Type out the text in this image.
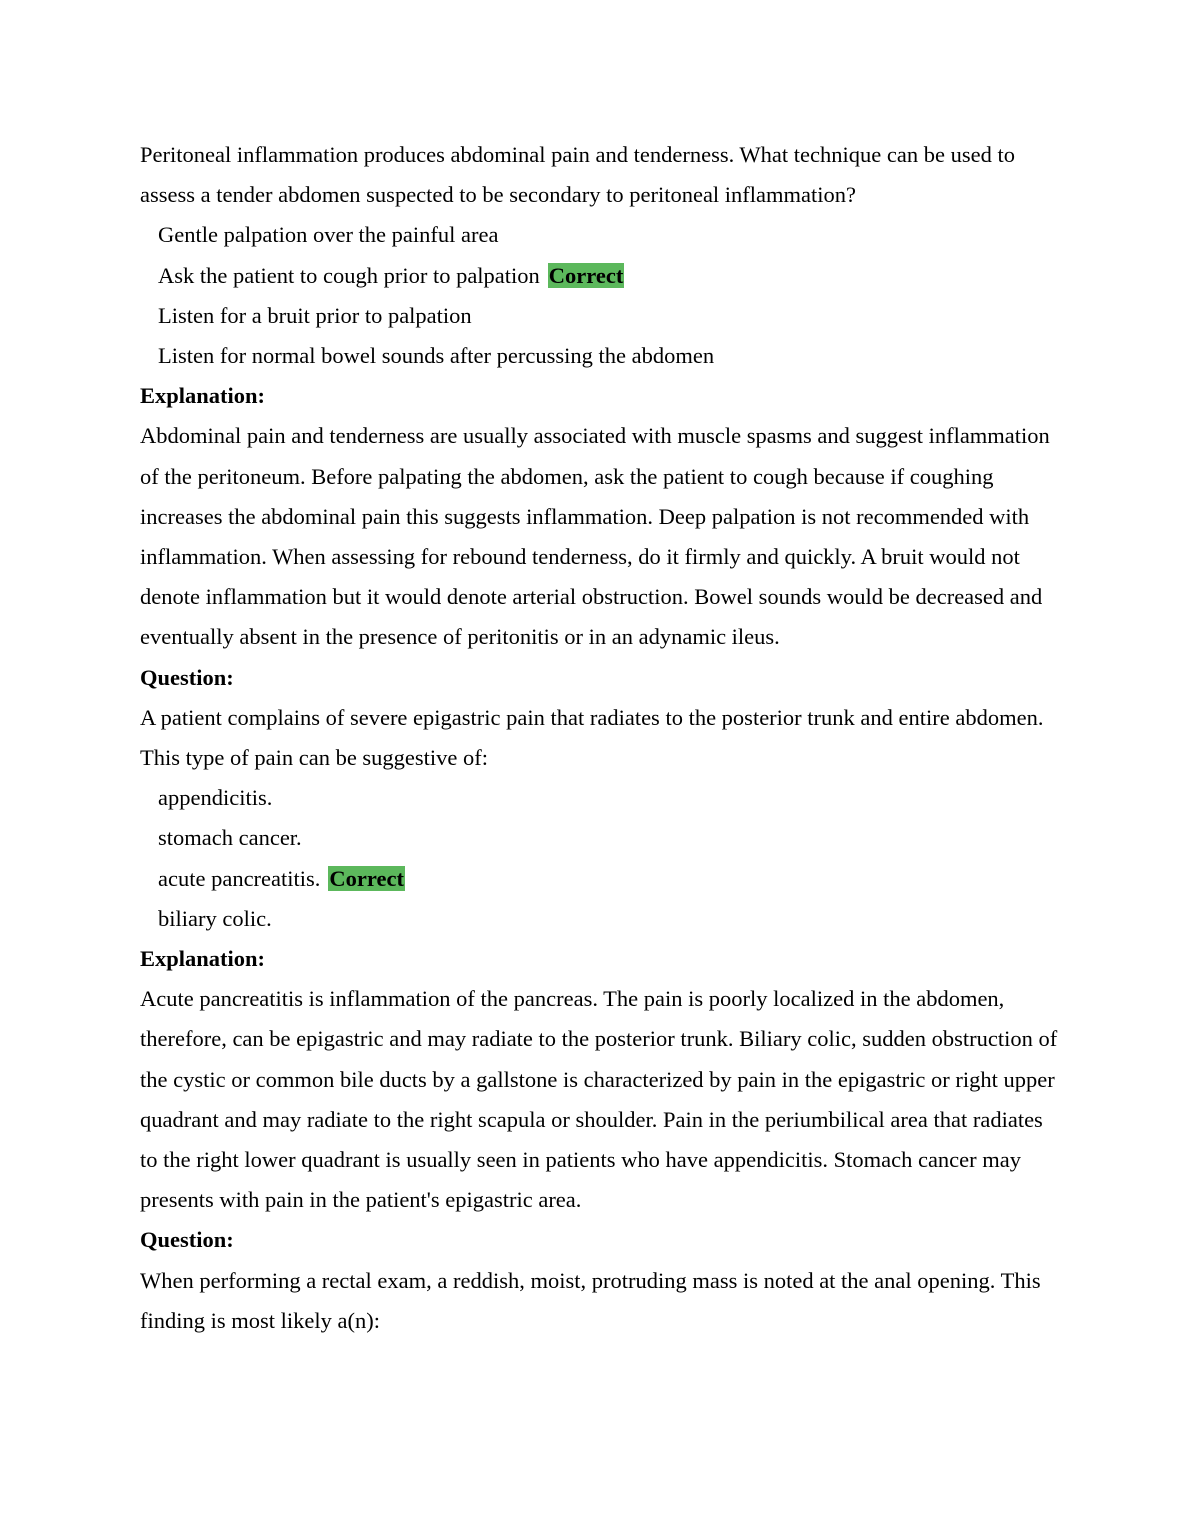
Peritoneal inflammation produces abdominal pain and tenderness. What technique can be used to assess a tender abdomen suspected to be secondary to peritoneal inflammation?

Gentle palpation over the painful area

Ask the patient to cough prior to palpation Correct

Listen for a bruit prior to palpation

Listen for normal bowel sounds after percussing the abdomen

Explanation:

Abdominal pain and tenderness are usually associated with muscle spasms and suggest inflammation of the peritoneum. Before palpating the abdomen, ask the patient to cough because if coughing increases the abdominal pain this suggests inflammation. Deep palpation is not recommended with inflammation. When assessing for rebound tenderness, do it firmly and quickly. A bruit would not denote inflammation but it would denote arterial obstruction. Bowel sounds would be decreased and eventually absent in the presence of peritonitis or in an adynamic ileus.

Question:

A patient complains of severe epigastric pain that radiates to the posterior trunk and entire abdomen. This type of pain can be suggestive of:

appendicitis.

stomach cancer.

acute pancreatitis. Correct

biliary colic.

Explanation:

Acute pancreatitis is inflammation of the pancreas. The pain is poorly localized in the abdomen, therefore, can be epigastric and may radiate to the posterior trunk. Biliary colic, sudden obstruction of the cystic or common bile ducts by a gallstone is characterized by pain in the epigastric or right upper quadrant and may radiate to the right scapula or shoulder. Pain in the periumbilical area that radiates to the right lower quadrant is usually seen in patients who have appendicitis. Stomach cancer may presents with pain in the patient's epigastric area.

Question:

When performing a rectal exam, a reddish, moist, protruding mass is noted at the anal opening. This finding is most likely a(n):
